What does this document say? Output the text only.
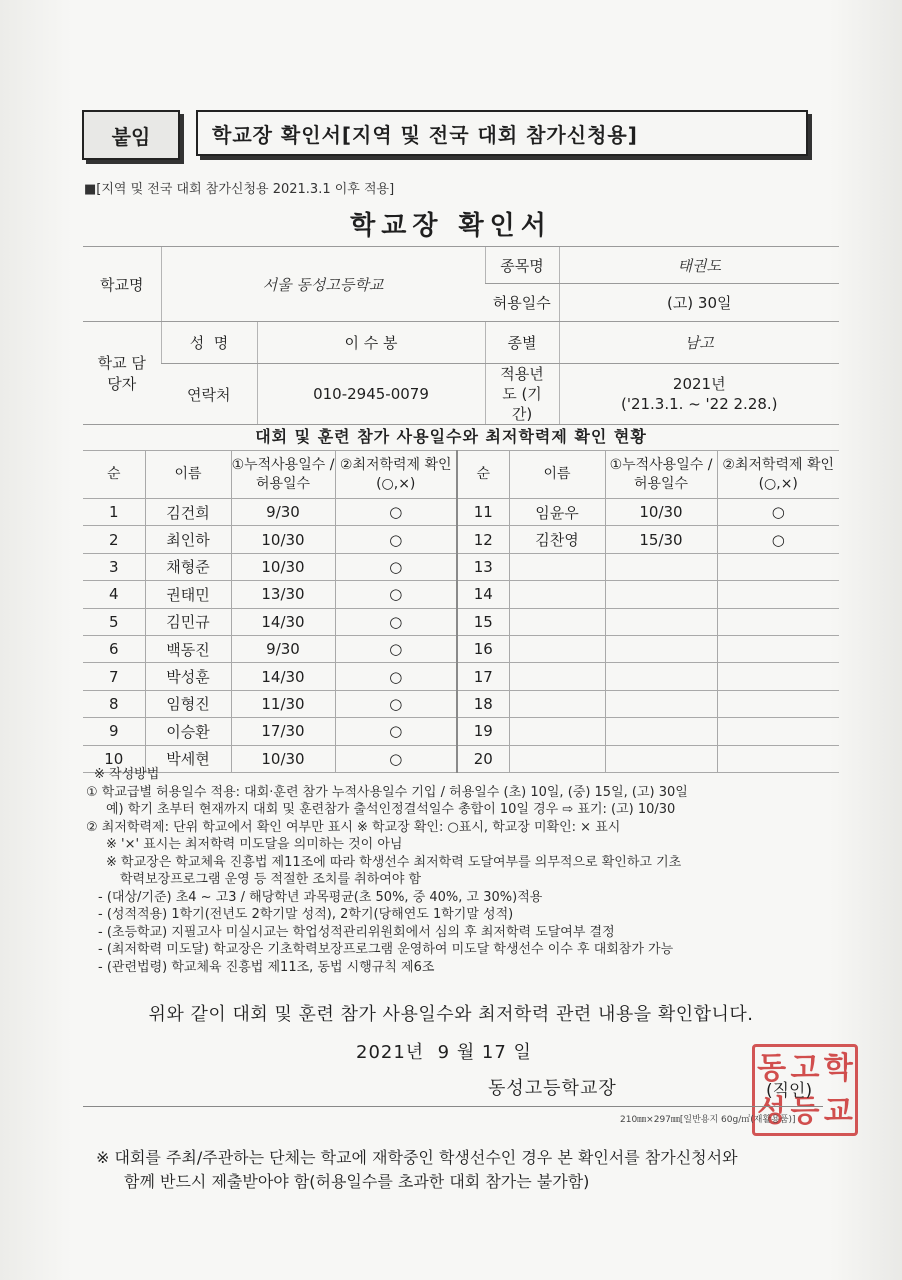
붙임	학교장 확인서[지역 및 전국 대회 참가신청용]
■[지역 및 전국 대회 참가신청용 2021.3.1 이후 적용]
학교장 확인서
학교명	서울 동성고등학교		종목명	태권도
			허용일수	(고) 30일
학교 담당자	성  명	이 수 봉	종별	남고
	연락처	010-2945-0079	적용년도 (기간)	2021년
('21.3.1. ~ '22 2.28.)
대회 및 훈련 참가 사용일수와 최저학력제 확인 현황
순	이름	①누적사용일수 /허용일수	②최저학력제 확인(○,×)	순	이름	①누적사용일수 /허용일수	②최저학력제 확인(○,×)
1	김건희	9/30	○	11	임윤우	10/30	○
2	최인하	10/30	○	12	김찬영	15/30	○
3	채형준	10/30	○	13			
4	권태민	13/30	○	14			
5	김민규	14/30	○	15			
6	백동진	9/30	○	16			
7	박성훈	14/30	○	17			
8	임형진	11/30	○	18			
9	이승환	17/30	○	19			
10	박세현	10/30	○	20			
※ 작성방법
① 학교급별 허용일수 적용: 대회·훈련 참가 누적사용일수 기입 / 허용일수 (초) 10일, (중) 15일, (고) 30일
예) 학기 초부터 현재까지 대회 및 훈련참가 출석인정결석일수 총합이 10일 경우 ⇨ 표기: (고) 10/30
② 최저학력제: 단위 학교에서 확인 여부만 표시 ※ 학교장 확인: ○표시, 학교장 미확인: × 표시
※ '×' 표시는 최저학력 미도달을 의미하는 것이 아님
※ 학교장은 학교체육 진흥법 제11조에 따라 학생선수 최저학력 도달여부를 의무적으로 확인하고 기초
학력보장프로그램 운영 등 적절한 조치를 취하여야 함
- (대상/기준) 초4 ~ 고3 / 해당학년 과목평균(초 50%, 중 40%, 고 30%)적용
- (성적적용) 1학기(전년도 2학기말 성적), 2학기(당해연도 1학기말 성적)
- (초등학교) 지필고사 미실시교는 학업성적관리위원회에서 심의 후 최저학력 도달여부 결정
- (최저학력 미도달) 학교장은 기초학력보장프로그램 운영하여 미도달 학생선수 이수 후 대회참가 가능
- (관련법령) 학교체육 진흥법 제11조, 동법 시행규칙 제6조
위와 같이 대회 및 훈련 참가 사용일수와 최저학력 관련 내용을 확인합니다.
2021년  9 월 17 일
동성고등학교장
동 고 학
성 등 교
(직인)
210㎜×297㎜[일반용지 60g/㎡(재활용품)]
※ 대회를 주최/주관하는 단체는 학교에 재학중인 학생선수인 경우 본 확인서를 참가신청서와
함께 반드시 제출받아야 함(허용일수를 초과한 대회 참가는 불가함)
